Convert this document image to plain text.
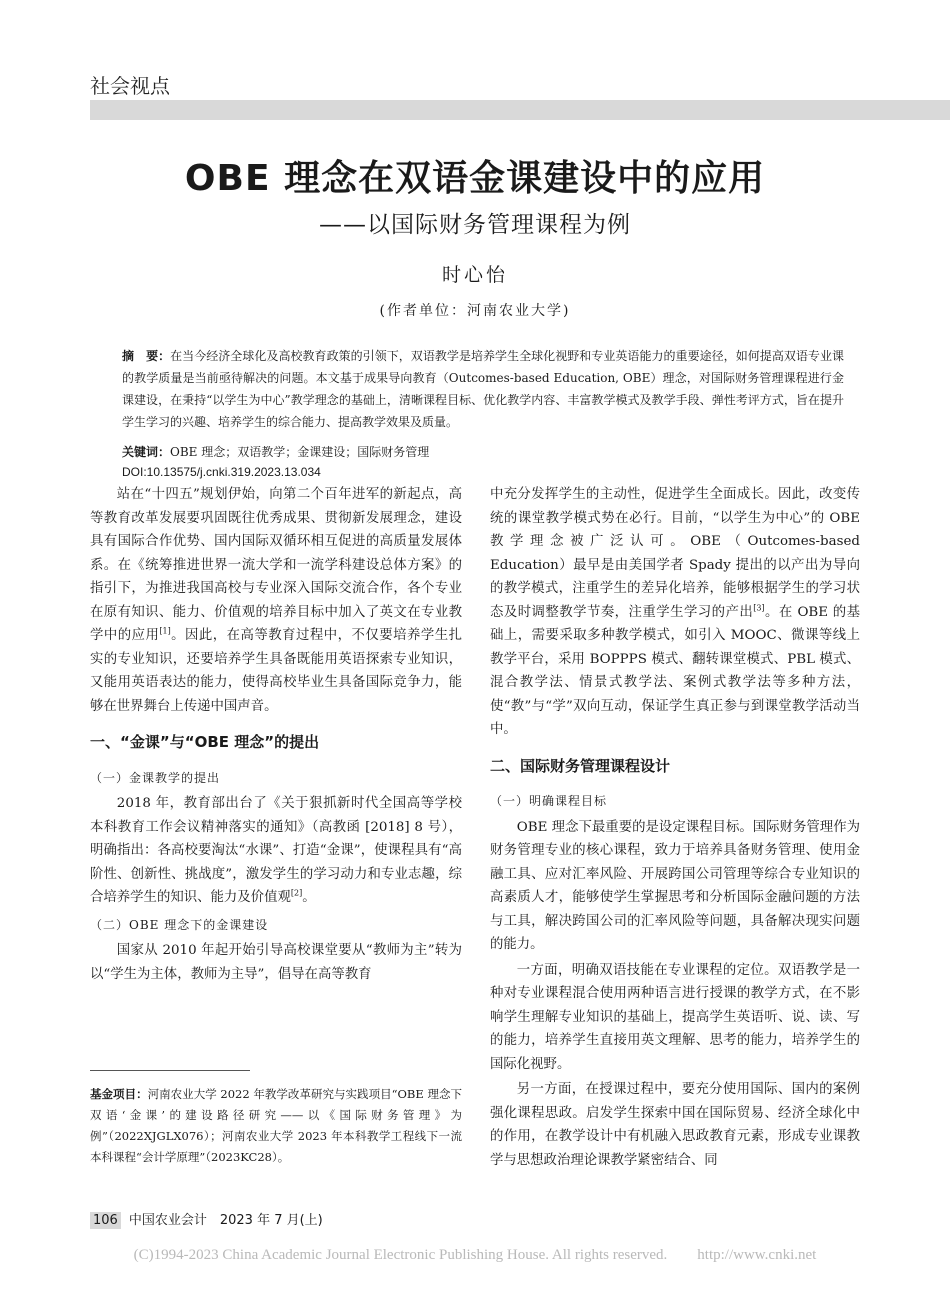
社会视点
OBE 理念在双语金课建设中的应用
——以国际财务管理课程为例
时心怡
(作者单位：河南农业大学)
摘　要：在当今经济全球化及高校教育政策的引领下，双语教学是培养学生全球化视野和专业英语能力的重要途径，如何提高双语专业课的教学质量是当前亟待解决的问题。本文基于成果导向教育（Outcomes-based Education, OBE）理念，对国际财务管理课程进行金课建设，在秉持“以学生为中心”教学理念的基础上，清晰课程目标、优化教学内容、丰富教学模式及教学手段、弹性考评方式，旨在提升学生学习的兴趣、培养学生的综合能力、提高教学效果及质量。
关键词：OBE 理念；双语教学；金课建设；国际财务管理
DOI:10.13575/j.cnki.319.2023.13.034

站在“十四五”规划伊始，向第二个百年进军的新起点，高等教育改革发展要巩固既往优秀成果、贯彻新发展理念，建设具有国际合作优势、国内国际双循环相互促进的高质量发展体系。在《统筹推进世界一流大学和一流学科建设总体方案》的指引下，为推进我国高校与专业深入国际交流合作，各个专业在原有知识、能力、价值观的培养目标中加入了英文在专业教学中的应用[1]。因此，在高等教育过程中，不仅要培养学生扎实的专业知识，还要培养学生具备既能用英语探索专业知识，又能用英语表达的能力，使得高校毕业生具备国际竞争力，能够在世界舞台上传递中国声音。

一、“金课”与“OBE 理念”的提出
（一）金课教学的提出

2018 年，教育部出台了《关于狠抓新时代全国高等学校本科教育工作会议精神落实的通知》（高教函 [2018] 8 号），明确指出：各高校要淘汰“水课”、打造“金课”，使课程具有“高阶性、创新性、挑战度”，激发学生的学习动力和专业志趣，综合培养学生的知识、能力及价值观[2]。

（二）OBE 理念下的金课建设

国家从 2010 年起开始引导高校课堂要从“教师为主”转为以“学生为主体，教师为主导”，倡导在高等教育

中充分发挥学生的主动性，促进学生全面成长。因此，改变传统的课堂教学模式势在必行。目前，“以学生为中心”的 OBE 教学理念被广泛认可。OBE（Outcomes-based Education）最早是由美国学者 Spady 提出的以产出为导向的教学模式，注重学生的差异化培养，能够根据学生的学习状态及时调整教学节奏，注重学生学习的产出[3]。在 OBE 的基础上，需要采取多种教学模式，如引入 MOOC、微课等线上教学平台，采用 BOPPPS 模式、翻转课堂模式、PBL 模式、混合教学法、情景式教学法、案例式教学法等多种方法，使“教”与“学”双向互动，保证学生真正参与到课堂教学活动当中。

二、国际财务管理课程设计
（一）明确课程目标

OBE 理念下最重要的是设定课程目标。国际财务管理作为财务管理专业的核心课程，致力于培养具备财务管理、使用金融工具、应对汇率风险、开展跨国公司管理等综合专业知识的高素质人才，能够使学生掌握思考和分析国际金融问题的方法与工具，解决跨国公司的汇率风险等问题，具备解决现实问题的能力。

一方面，明确双语技能在专业课程的定位。双语教学是一种对专业课程混合使用两种语言进行授课的教学方式，在不影响学生理解专业知识的基础上，提高学生英语听、说、读、写的能力，培养学生直接用英文理解、思考的能力，培养学生的国际化视野。

另一方面，在授课过程中，要充分使用国际、国内的案例强化课程思政。启发学生探索中国在国际贸易、经济全球化中的作用，在教学设计中有机融入思政教育元素，形成专业课教学与思想政治理论课教学紧密结合、同

基金项目：河南农业大学 2022 年教学改革研究与实践项目“OBE 理念下双语‘金课’的建设路径研究——以《国际财务管理》为例”（2022XJGLX076）；河南农业大学 2023 年本科教学工程线下一流本科课程“会计学原理”（2023KC28）。
106 中国农业会计　 2023 年 7 月(上)
(C)1994-2023 China Academic Journal Electronic Publishing House. All rights reserved.　　http://www.cnki.net
